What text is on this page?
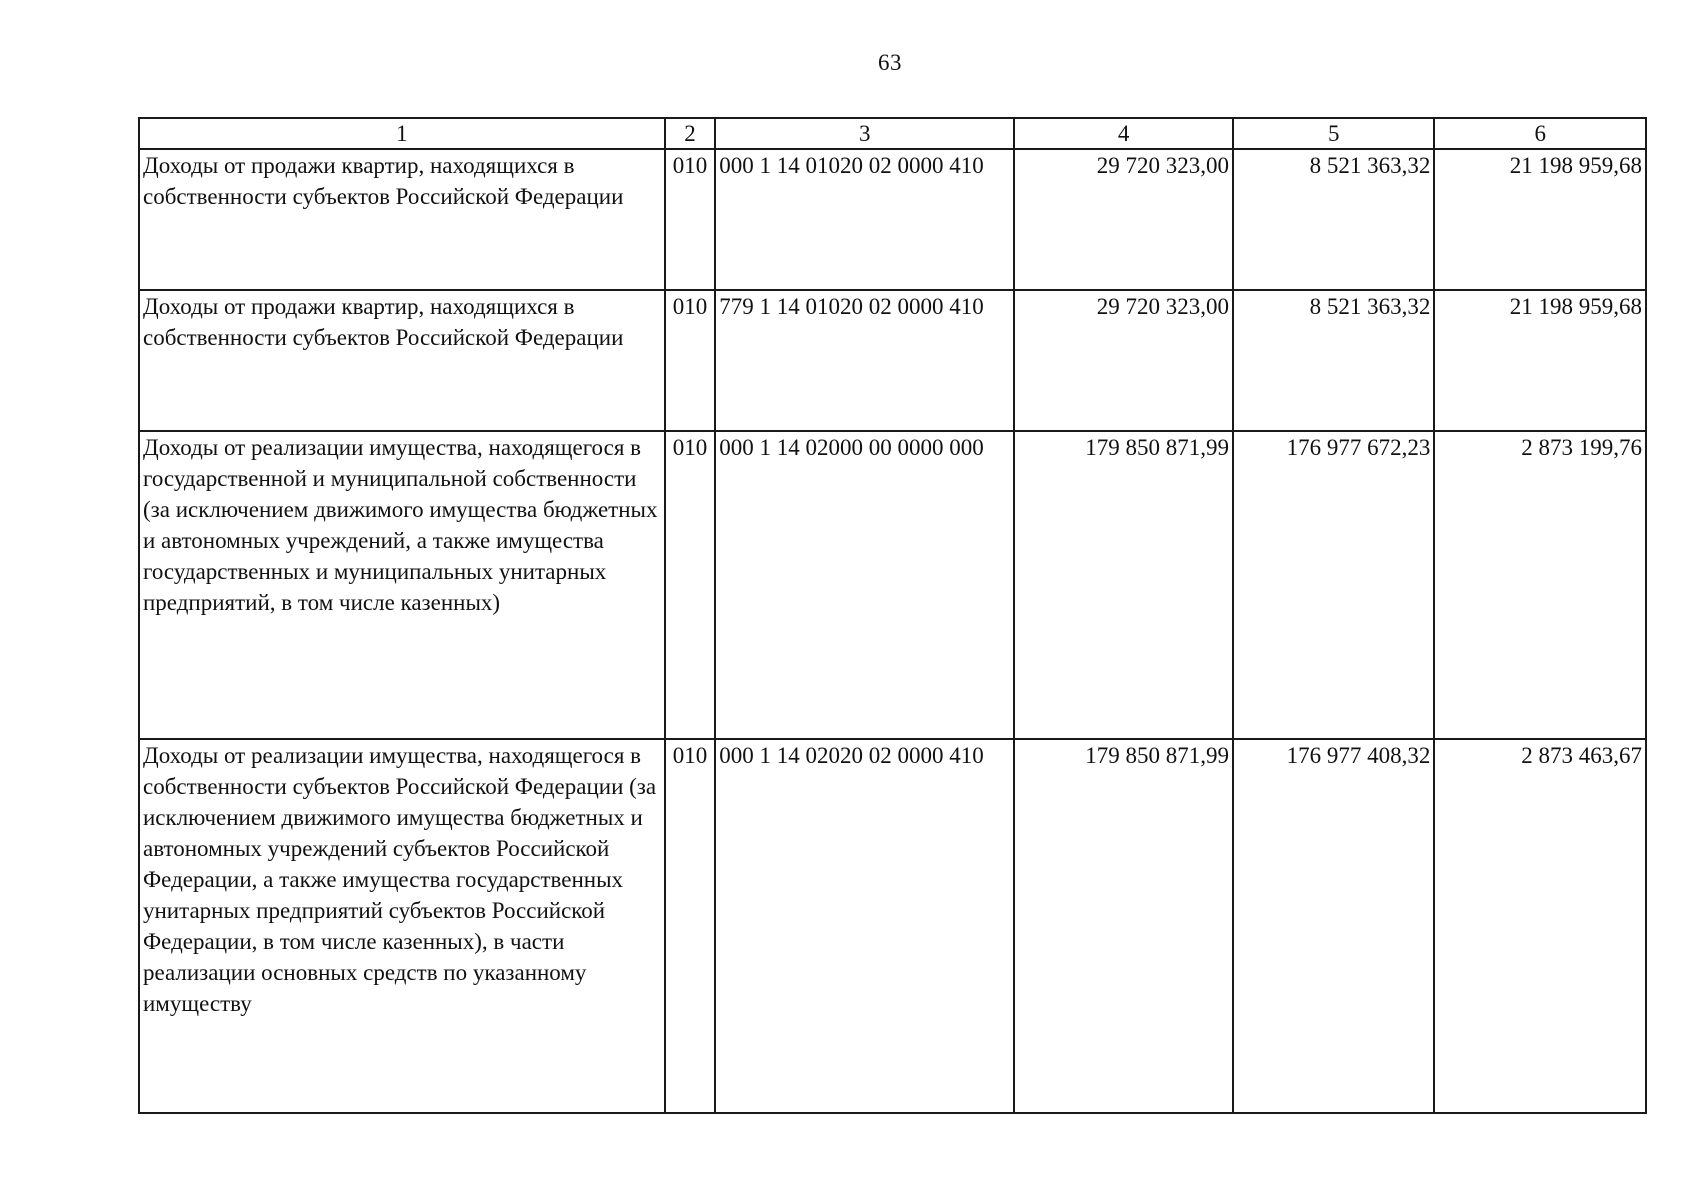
63
1	2	3	4	5	6
Доходы от продажи квартир, находящихся в собственности субъектов Российской Федерации	010	000 1 14 01020 02 0000 410	29 720 323,00	8 521 363,32	21 198 959,68
Доходы от продажи квартир, находящихся в собственности субъектов Российской Федерации	010	779 1 14 01020 02 0000 410	29 720 323,00	8 521 363,32	21 198 959,68
Доходы от реализации имущества, находящегося в государственной и муниципальной собственности (за исключением движимого имущества бюджетных и автономных учреждений, а также имущества государственных и муниципальных унитарных предприятий, в том числе казенных)	010	000 1 14 02000 00 0000 000	179 850 871,99	176 977 672,23	2 873 199,76
Доходы от реализации имущества, находящегося в собственности субъектов Российской Федерации (за исключением движимого имущества бюджетных и автономных учреждений субъектов Российской Федерации, а также имущества государственных унитарных предприятий субъектов Российской Федерации, в том числе казенных), в части реализации основных средств по указанному имуществу	010	000 1 14 02020 02 0000 410	179 850 871,99	176 977 408,32	2 873 463,67
